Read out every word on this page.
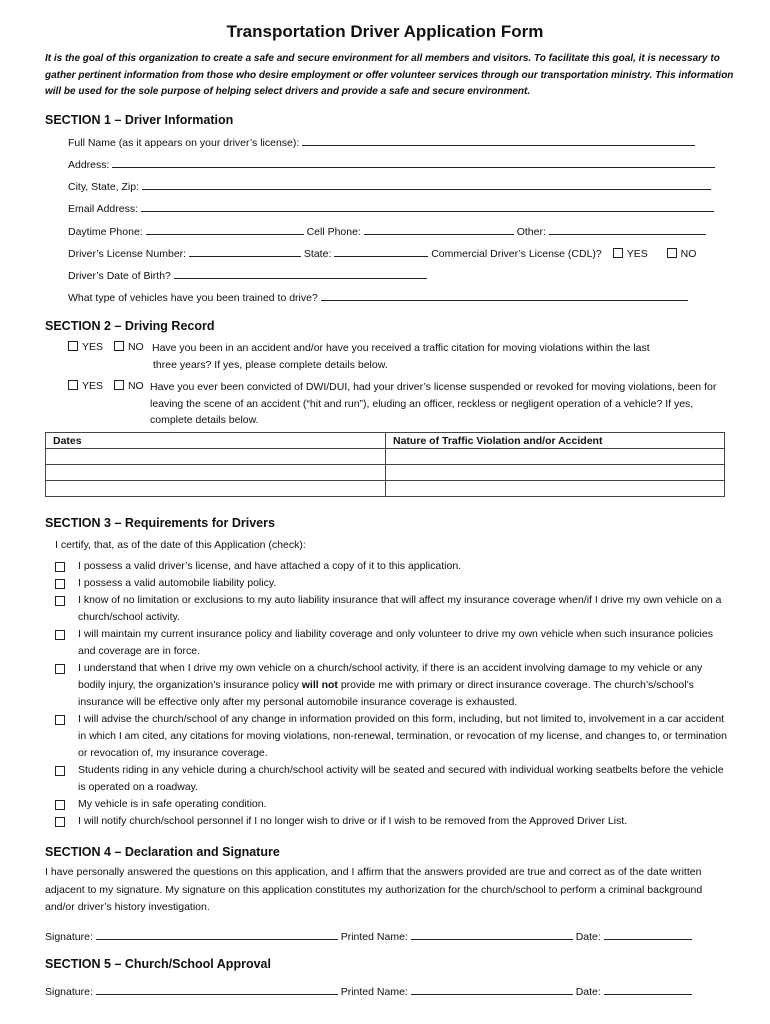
Transportation Driver Application Form
It is the goal of this organization to create a safe and secure environment for all members and visitors. To facilitate this goal, it is necessary to gather pertinent information from those who desire employment or offer volunteer services through our transportation ministry. This information will be used for the sole purpose of helping select drivers and provide a safe and secure environment.
SECTION 1 – Driver Information
Full Name (as it appears on your driver’s license):
Address:
City, State, Zip:
Email Address:
Daytime Phone:	Cell Phone:	Other:
Driver’s License Number:	State:	Commercial Driver’s License (CDL)? YES	NO
Driver’s Date of Birth?
What type of vehicles have you been trained to drive?
SECTION 2 – Driving Record
YES NO Have you been in an accident and/or have you received a traffic citation for moving violations within the last
three years? If yes, please complete details below.
YES NO Have you ever been convicted of DWI/DUI, had your driver’s license suspended or revoked for moving violations, been for leaving the scene of an accident (“hit and run”), eluding an officer, reckless or negligent operation of a vehicle? If yes, complete details below.
Dates	Nature of Traffic Violation and/or Accident

SECTION 3 – Requirements for Drivers
I certify, that, as of the date of this Application (check):
I possess a valid driver’s license, and have attached a copy of it to this application.
I possess a valid automobile liability policy.
I know of no limitation or exclusions to my auto liability insurance that will affect my insurance coverage when/if I drive my own vehicle on a church/school activity.
I will maintain my current insurance policy and liability coverage and only volunteer to drive my own vehicle when such insurance policies and coverage are in force.
I understand that when I drive my own vehicle on a church/school activity, if there is an accident involving damage to my vehicle or any bodily injury, the organization’s insurance policy will not provide me with primary or direct insurance coverage. The church’s/school’s insurance will be effective only after my personal automobile insurance coverage is exhausted.
I will advise the church/school of any change in information provided on this form, including, but not limited to, involvement in a car accident in which I am cited, any citations for moving violations, non-renewal, termination, or revocation of my license, and changes to, or termination or revocation of, my insurance coverage.
Students riding in any vehicle during a church/school activity will be seated and secured with individual working seatbelts before the vehicle is operated on a roadway.
My vehicle is in safe operating condition.
I will notify church/school personnel if I no longer wish to drive or if I wish to be removed from the Approved Driver List.
SECTION 4 – Declaration and Signature
I have personally answered the questions on this application, and I affirm that the answers provided are true and correct as of the date written adjacent to my signature. My signature on this application constitutes my authorization for the church/school to perform a criminal background and/or driver’s history investigation.
Signature:	Printed Name:	Date:
SECTION 5 – Church/School Approval
Signature:	Printed Name:	Date:
